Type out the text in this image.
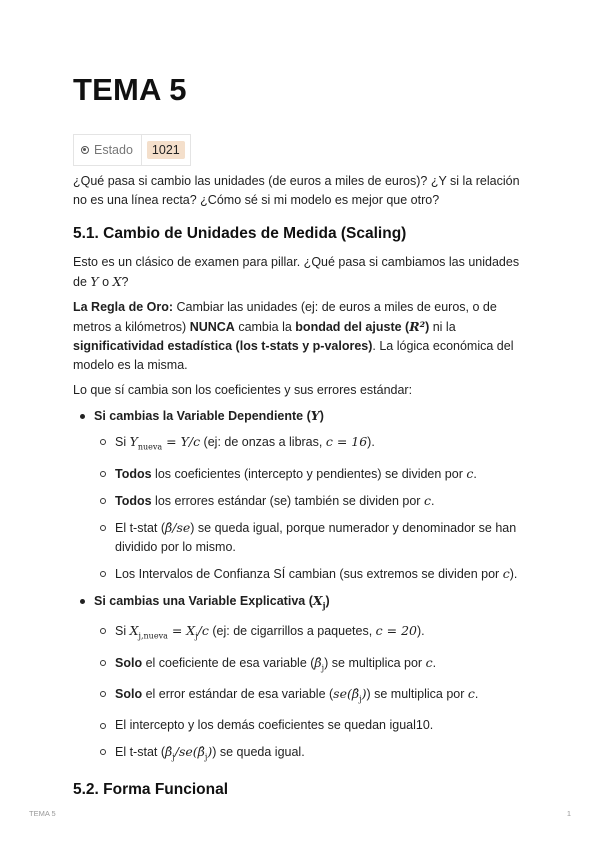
TEMA 5
Estado	1021

¿Qué pasa si cambio las unidades (de euros a miles de euros)? ¿Y si la relación no es una línea recta? ¿Cómo sé si mi modelo es mejor que otro?

5.1. Cambio de Unidades de Medida (Scaling)

Esto es un clásico de examen para pillar. ¿Qué pasa si cambiamos las unidades de Y o X?

La Regla de Oro: Cambiar las unidades (ej: de euros a miles de euros, o de metros a kilómetros) NUNCA cambia la bondad del ajuste (R²) ni la significatividad estadística (los t-stats y p-valores). La lógica económica del modelo es la misma.

Lo que sí cambia son los coeficientes y sus errores estándar:

Si cambias la Variable Dependiente (Y)
Si $Y_{nueva} = Y/c$ (ej: de onzas a libras, c = 16).
Todos los coeficientes (intercepto y pendientes) se dividen por c.
Todos los errores estándar (se) también se dividen por c.
El t-stat (β̂/se) se queda igual, porque numerador y denominador se han dividido por lo mismo.
Los Intervalos de Confianza SÍ cambian (sus extremos se dividen por c).
Si cambias una Variable Explicativa $(X_j)$
Si $X_{j,nueva} = X_j/c$ (ej: de cigarrillos a paquetes, c = 20).
Solo el coeficiente de esa variable $(\betâ_j)$ se multiplica por c.
Solo el error estándar de esa variable $(se(\betâ_j))$ se multiplica por c.
El intercepto y los demás coeficientes se quedan igual10.
El t-stat $(\betâ_j/se(\betâ_j))$ se queda igual.
5.2. Forma Funcional
TEMA 5	1
